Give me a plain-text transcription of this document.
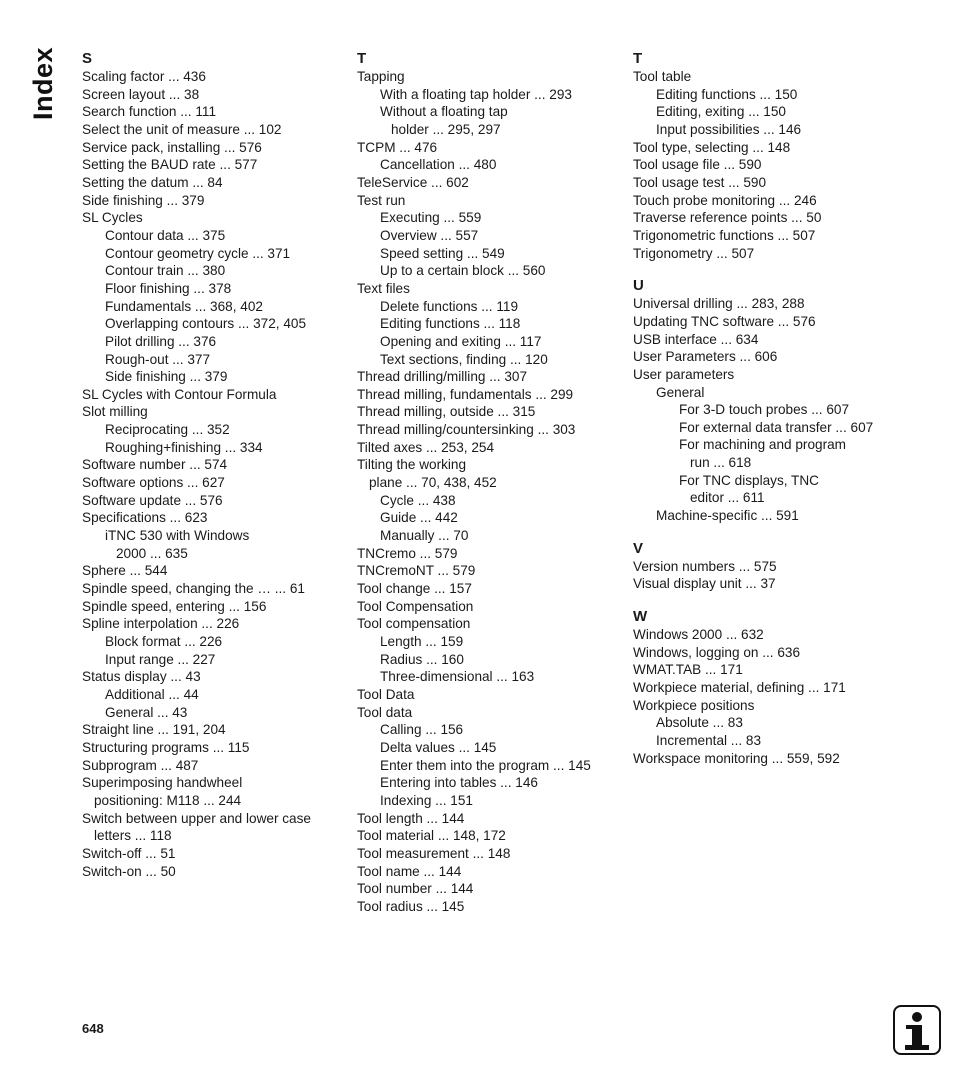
Index S
Scaling factor ... 436
Screen layout ... 38
Search function ... 111
Select the unit of measure ... 102
Service pack, installing ... 576
Setting the BAUD rate ... 577
Setting the datum ... 84
Side finishing ... 379
SL Cycles
Contour data ... 375
Contour geometry cycle ... 371
Contour train ... 380
Floor finishing ... 378
Fundamentals ... 368, 402
Overlapping contours ... 372, 405
Pilot drilling ... 376
Rough-out ... 377
Side finishing ... 379
SL Cycles with Contour Formula
Slot milling
Reciprocating ... 352
Roughing+finishing ... 334
Software number ... 574
Software options ... 627
Software update ... 576
Specifications ... 623
iTNC 530 with Windows
2000 ... 635
Sphere ... 544
Spindle speed, changing the … ... 61
Spindle speed, entering ... 156
Spline interpolation ... 226
Block format ... 226
Input range ... 227
Status display ... 43
Additional ... 44
General ... 43
Straight line ... 191, 204
Structuring programs ... 115
Subprogram ... 487
Superimposing handwheel
positioning: M118 ... 244
Switch between upper and lower case
letters ... 118
Switch-off ... 51
Switch-on ... 50
T
Tapping
With a floating tap holder ... 293
Without a floating tap
holder ... 295, 297
TCPM ... 476
Cancellation ... 480
TeleService ... 602
Test run
Executing ... 559
Overview ... 557
Speed setting ... 549
Up to a certain block ... 560
Text files
Delete functions ... 119
Editing functions ... 118
Opening and exiting ... 117
Text sections, finding ... 120
Thread drilling/milling ... 307
Thread milling, fundamentals ... 299
Thread milling, outside ... 315
Thread milling/countersinking ... 303
Tilted axes ... 253, 254
Tilting the working
plane ... 70, 438, 452
Cycle ... 438
Guide ... 442
Manually ... 70
TNCremo ... 579
TNCremoNT ... 579
Tool change ... 157
Tool Compensation
Tool compensation
Length ... 159
Radius ... 160
Three-dimensional ... 163
Tool Data
Tool data
Calling ... 156
Delta values ... 145
Enter them into the program ... 145
Entering into tables ... 146
Indexing ... 151
Tool length ... 144
Tool material ... 148, 172
Tool measurement ... 148
Tool name ... 144
Tool number ... 144
Tool radius ... 145
T
Tool table
Editing functions ... 150
Editing, exiting ... 150
Input possibilities ... 146
Tool type, selecting ... 148
Tool usage file ... 590
Tool usage test ... 590
Touch probe monitoring ... 246
Traverse reference points ... 50
Trigonometric functions ... 507
Trigonometry ... 507
U
Universal drilling ... 283, 288
Updating TNC software ... 576
USB interface ... 634
User Parameters ... 606
User parameters
General
For 3-D touch probes ... 607
For external data transfer ... 607
For machining and program
run ... 618
For TNC displays, TNC
editor ... 611
Machine-specific ... 591
V
Version numbers ... 575
Visual display unit ... 37
W
Windows 2000 ... 632
Windows, logging on ... 636
WMAT.TAB ... 171
Workpiece material, defining ... 171
Workpiece positions
Absolute ... 83
Incremental ... 83
Workspace monitoring ... 559, 592
648
